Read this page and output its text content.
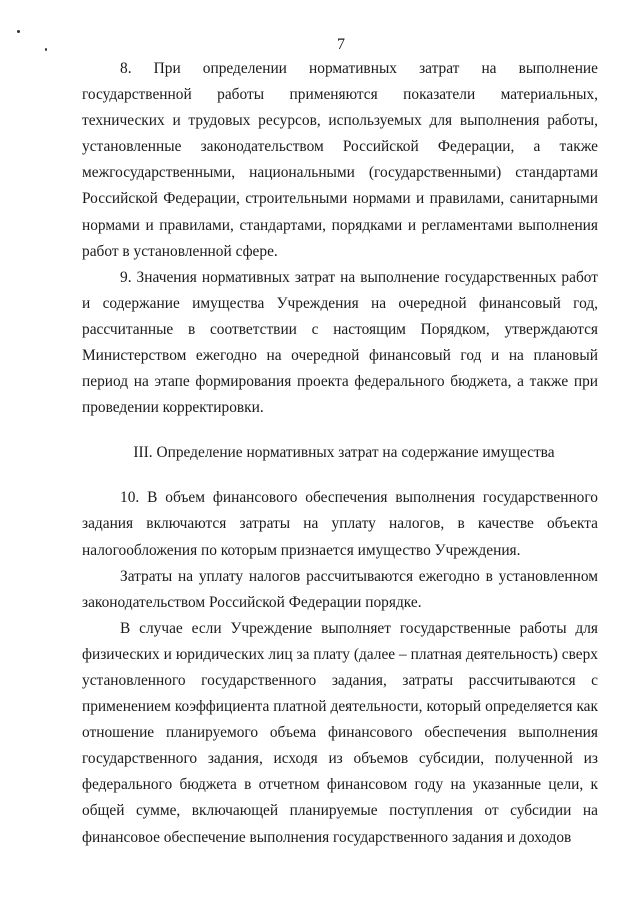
7

8. При определении нормативных затрат на выполнение государственной работы применяются показатели материальных, технических и трудовых ресурсов, используемых для выполнения работы, установленные законодательством Российской Федерации, а также межгосударственными, национальными (государственными) стандартами Российской Федерации, строительными нормами и правилами, санитарными нормами и правилами, стандартами, порядками и регламентами выполнения работ в установленной сфере.

9. Значения нормативных затрат на выполнение государственных работ и содержание имущества Учреждения на очередной финансовый год, рассчитанные в соответствии с настоящим Порядком, утверждаются Министерством ежегодно на очередной финансовый год и на плановый период на этапе формирования проекта федерального бюджета, а также при проведении корректировки.

III. Определение нормативных затрат на содержание имущества

10. В объем финансового обеспечения выполнения государственного задания включаются затраты на уплату налогов, в качестве объекта налогообложения по которым признается имущество Учреждения.

Затраты на уплату налогов рассчитываются ежегодно в установленном законодательством Российской Федерации порядке.

В случае если Учреждение выполняет государственные работы для физических и юридических лиц за плату (далее – платная деятельность) сверх установленного государственного задания, затраты рассчитываются с применением коэффициента платной деятельности, который определяется как отношение планируемого объема финансового обеспечения выполнения государственного задания, исходя из объемов субсидии, полученной из федерального бюджета в отчетном финансовом году на указанные цели, к общей сумме, включающей планируемые поступления от субсидии на финансовое обеспечение выполнения государственного задания и доходов
